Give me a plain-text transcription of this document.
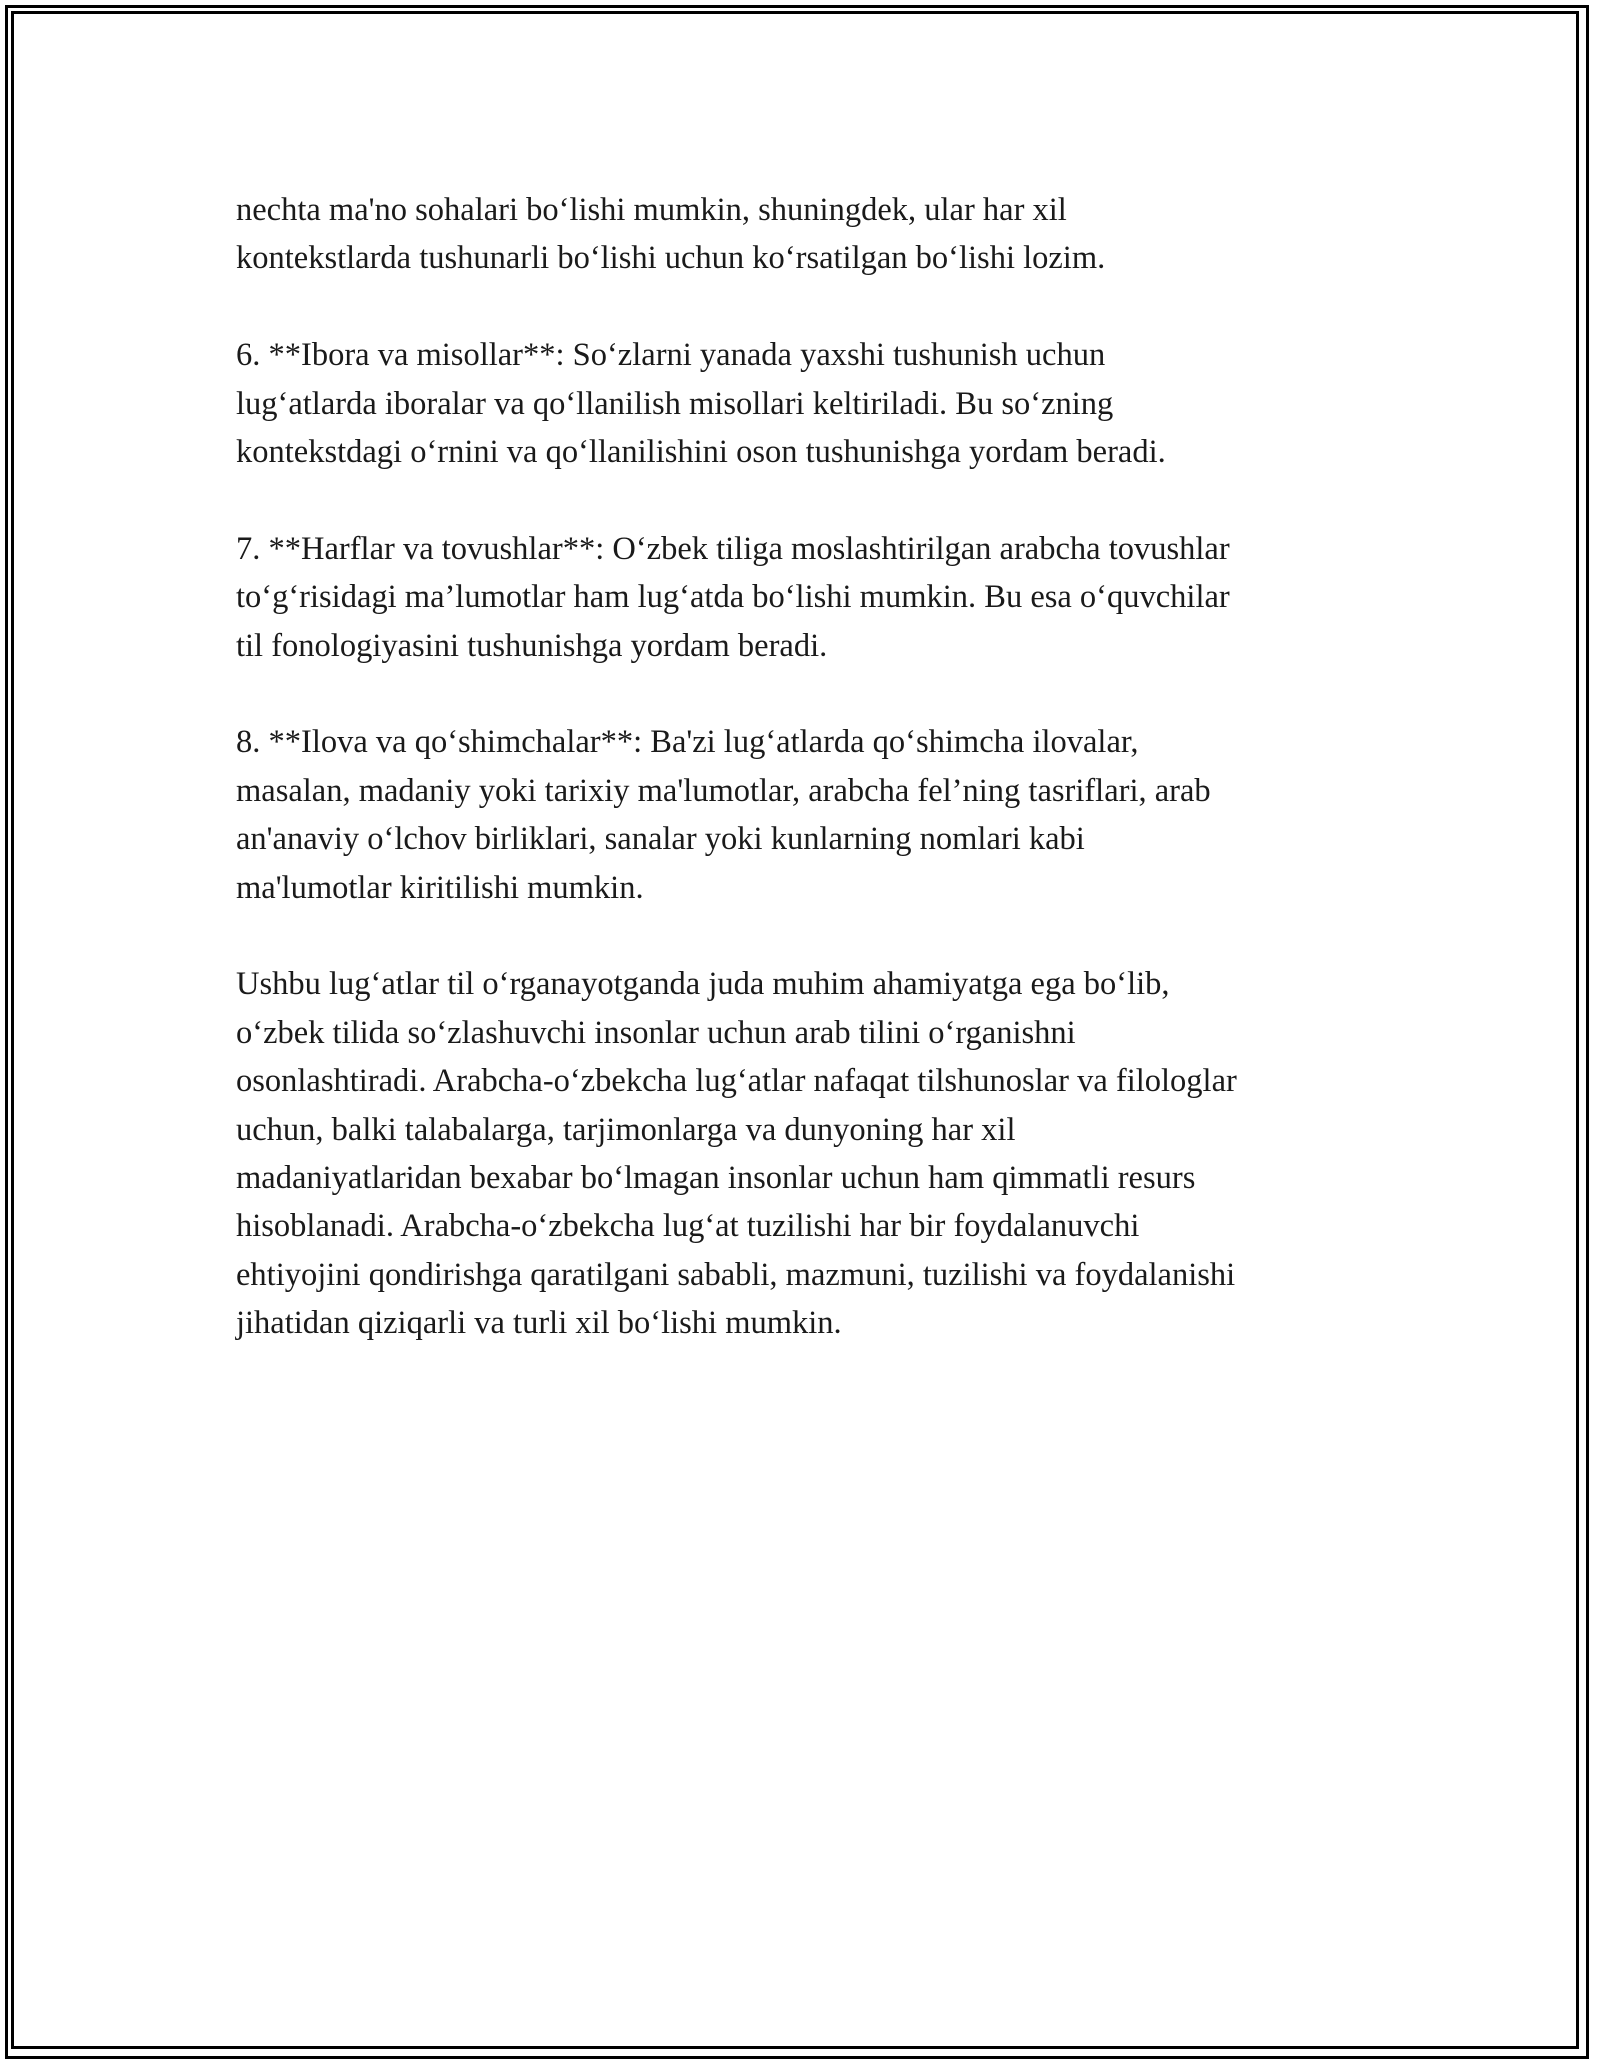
nechta ma'no sohalari bo‘lishi mumkin, shuningdek, ular har xil
kontekstlarda tushunarli bo‘lishi uchun ko‘rsatilgan bo‘lishi lozim.

6. **Ibora va misollar**: So‘zlarni yanada yaxshi tushunish uchun
lug‘atlarda iboralar va qo‘llanilish misollari keltiriladi. Bu so‘zning
kontekstdagi o‘rnini va qo‘llanilishini oson tushunishga yordam beradi.

7. **Harflar va tovushlar**: O‘zbek tiliga moslashtirilgan arabcha tovushlar
to‘g‘risidagi ma’lumotlar ham lug‘atda bo‘lishi mumkin. Bu esa o‘quvchilar
til fonologiyasini tushunishga yordam beradi.

8. **Ilova va qo‘shimchalar**: Ba'zi lug‘atlarda qo‘shimcha ilovalar,
masalan, madaniy yoki tarixiy ma'lumotlar, arabcha fel’ning tasriflari, arab
an'anaviy o‘lchov birliklari, sanalar yoki kunlarning nomlari kabi
ma'lumotlar kiritilishi mumkin.

Ushbu lug‘atlar til o‘rganayotganda juda muhim ahamiyatga ega bo‘lib,
o‘zbek tilida so‘zlashuvchi insonlar uchun arab tilini o‘rganishni
osonlashtiradi. Arabcha-o‘zbekcha lug‘atlar nafaqat tilshunoslar va filologlar
uchun, balki talabalarga, tarjimonlarga va dunyoning har xil
madaniyatlaridan bexabar bo‘lmagan insonlar uchun ham qimmatli resurs
hisoblanadi. Arabcha-o‘zbekcha lug‘at tuzilishi har bir foydalanuvchi
ehtiyojini qondirishga qaratilgani sababli, mazmuni, tuzilishi va foydalanishi
jihatidan qiziqarli va turli xil bo‘lishi mumkin.
